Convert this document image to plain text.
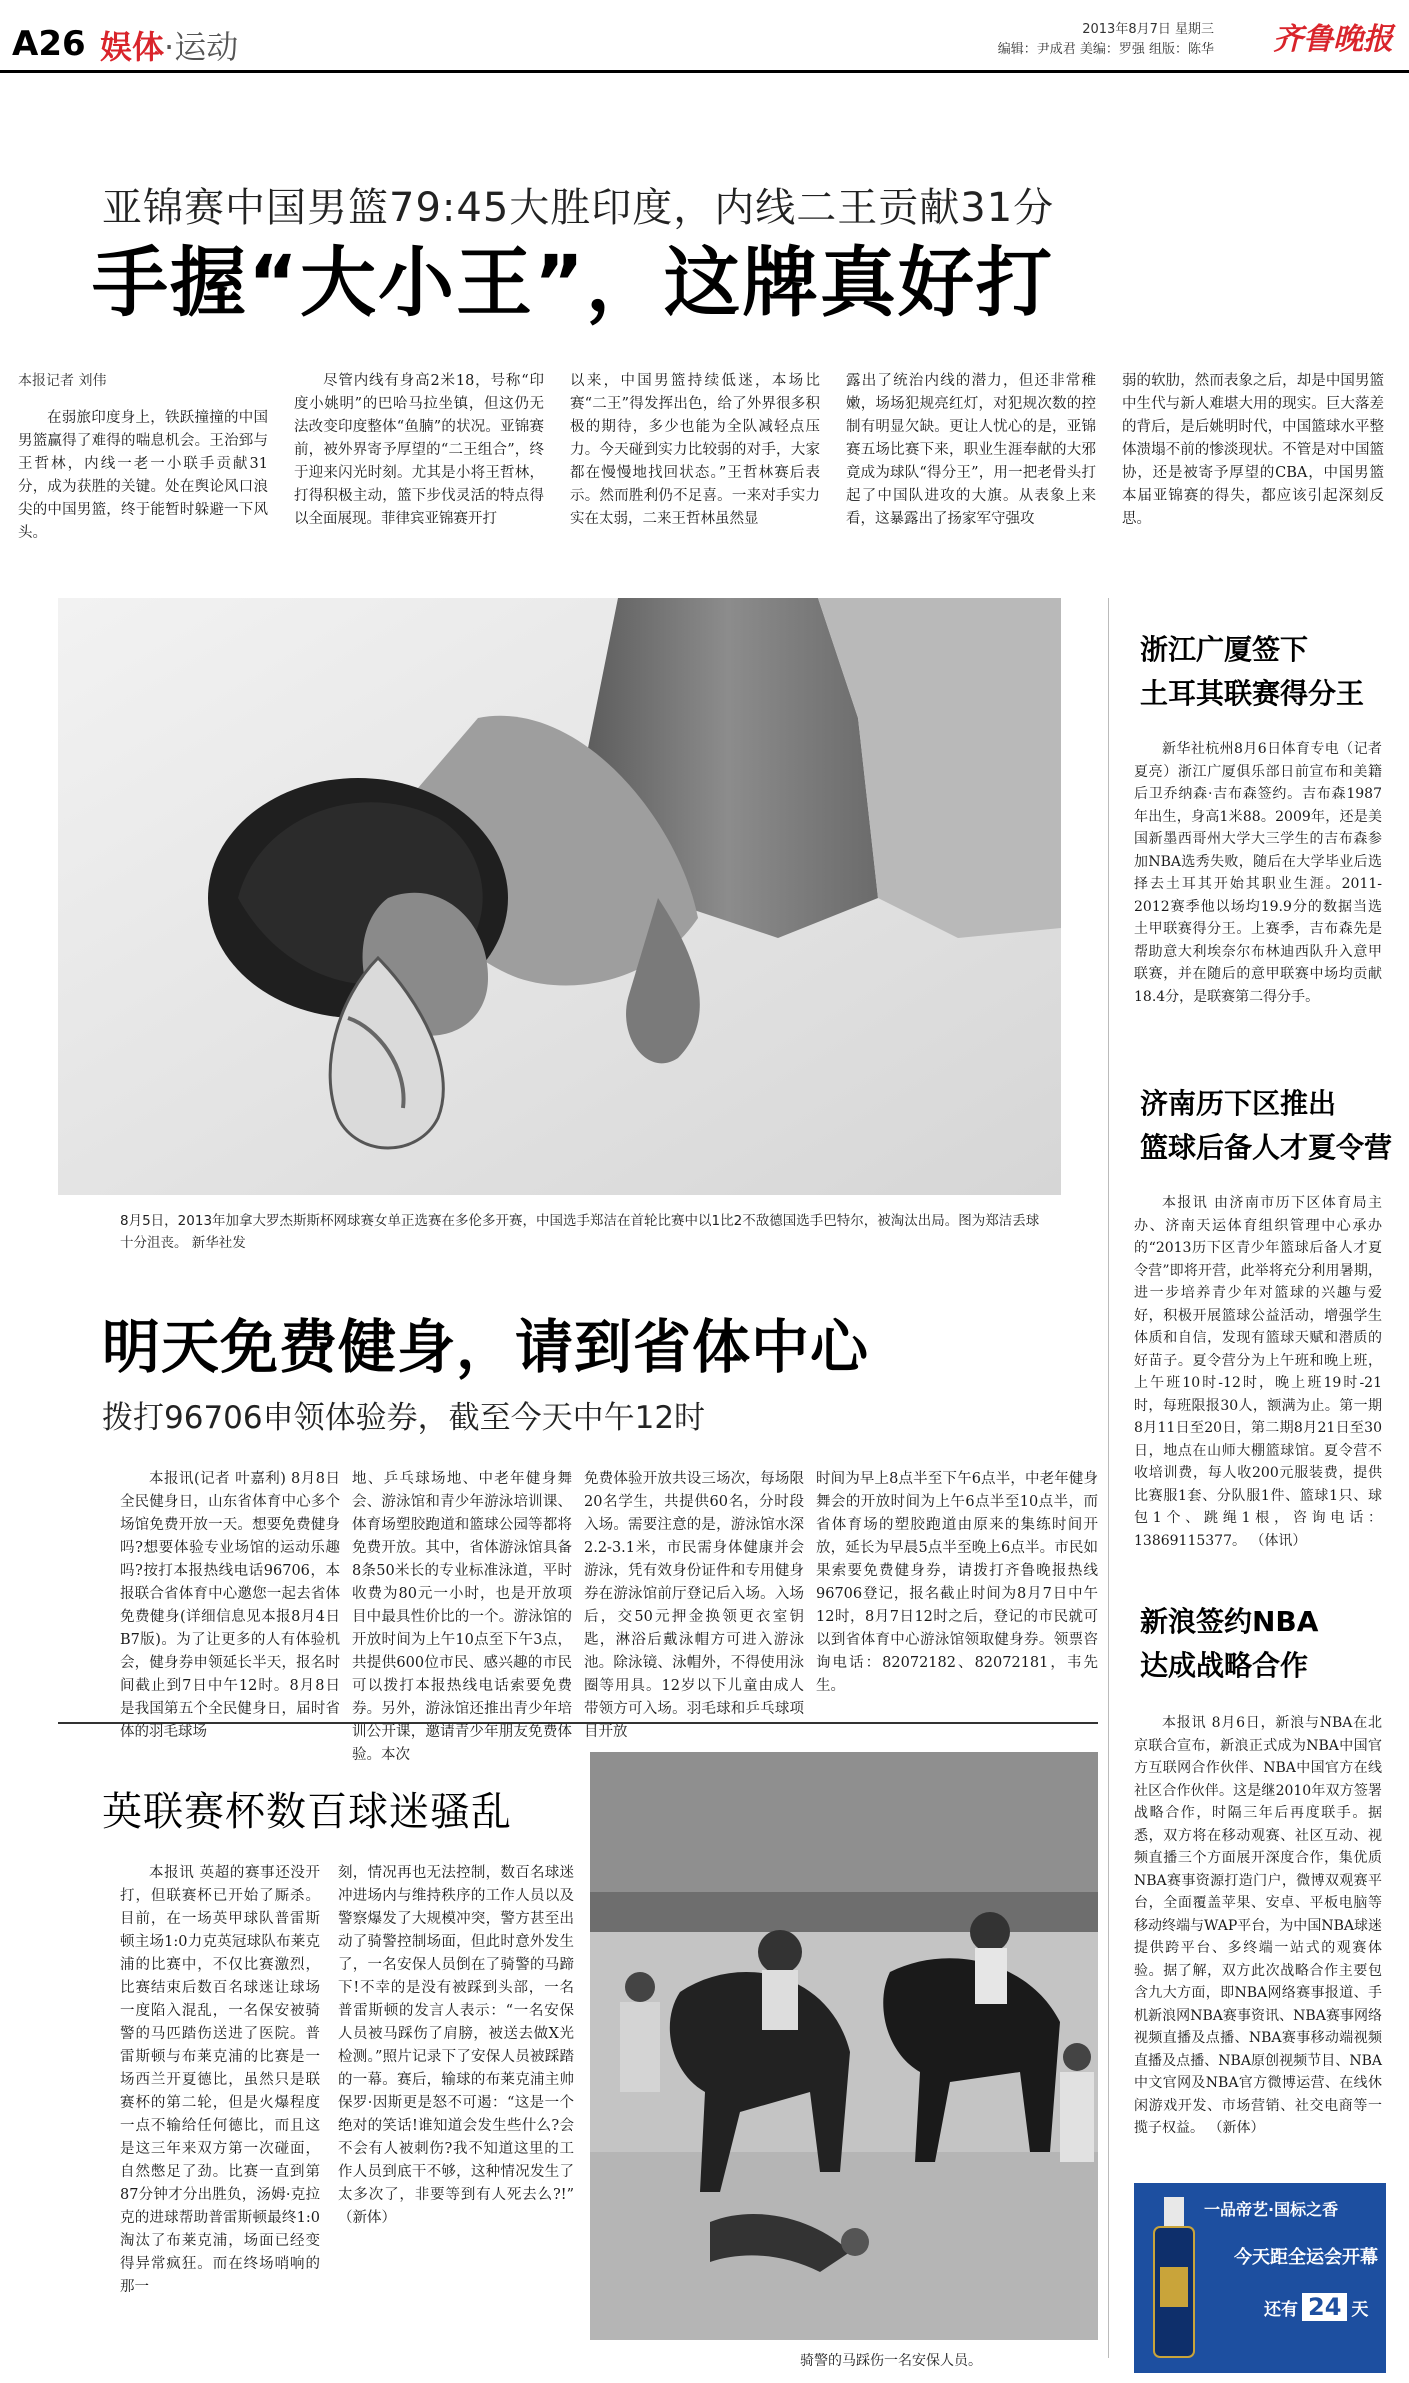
A26 娱体·运动	2013年8月7日 星期三
编辑：尹成君 美编：罗强 组版：陈华 齐鲁晚报
亚锦赛中国男篮79:45大胜印度，内线二王贡献31分
手握“大小王”，这牌真好打
本报记者 刘伟
在弱旅印度身上，铁跃撞撞的中国男篮赢得了难得的喘息机会。王治郅与王哲林，内线一老一小联手贡献31分，成为获胜的关键。处在舆论风口浪尖的中国男篮，终于能暂时躲避一下风头。
尽管内线有身高2米18，号称“印度小姚明”的巴哈马拉坐镇，但这仍无法改变印度整体“鱼腩”的状况。亚锦赛前，被外界寄予厚望的“二王组合”，终于迎来闪光时刻。尤其是小将王哲林，打得积极主动，篮下步伐灵活的特点得以全面展现。菲律宾亚锦赛开打
以来，中国男篮持续低迷，本场比赛“二王”得发挥出色，给了外界很多积极的期待，多少也能为全队减轻点压力。今天碰到实力比较弱的对手，大家都在慢慢地找回状态。”王哲林赛后表示。然而胜利仍不足喜。一来对手实力实在太弱，二来王哲林虽然显
露出了统治内线的潜力，但还非常稚嫩，场场犯规亮红灯，对犯规次数的控制有明显欠缺。更让人忧心的是，亚锦赛五场比赛下来，职业生涯奉献的大邪竟成为球队“得分王”，用一把老骨头打起了中国队进攻的大旗。从表象上来看，这暴露出了扬家军守强攻
弱的软肋，然而表象之后，却是中国男篮中生代与新人难堪大用的现实。巨大落差的背后，是后姚明时代，中国篮球水平整体溃塌不前的惨淡现状。不管是对中国篮协，还是被寄予厚望的CBA，中国男篮本届亚锦赛的得失，都应该引起深刻反思。
8月5日，2013年加拿大罗杰斯斯杯网球赛女单正选赛在多伦多开赛，中国选手郑洁在首轮比赛中以1比2不敌德国选手巴特尔，被淘汰出局。图为郑洁丢球十分沮丧。 新华社发
浙江广厦签下
土耳其联赛得分王
新华社杭州8月6日体育专电（记者 夏亮）浙江广厦俱乐部日前宣布和美籍后卫乔纳森·吉布森签约。吉布森1987年出生，身高1米88。2009年，还是美国新墨西哥州大学大三学生的吉布森参加NBA选秀失败，随后在大学毕业后选择去土耳其开始其职业生涯。2011-2012赛季他以场均19.9分的数据当选土甲联赛得分王。上赛季，吉布森先是帮助意大利埃奈尔布林迪西队升入意甲联赛，并在随后的意甲联赛中场均贡献18.4分，是联赛第二得分手。
济南历下区推出
篮球后备人才夏令营
本报讯 由济南市历下区体育局主办、济南天运体育组织管理中心承办的“2013历下区青少年篮球后备人才夏令营”即将开营，此举将充分利用暑期，进一步培养青少年对篮球的兴趣与爱好，积极开展篮球公益活动，增强学生体质和自信，发现有篮球天赋和潜质的好苗子。夏令营分为上午班和晚上班，上午班10时-12时，晚上班19时-21时，每班限报30人，额满为止。第一期8月11日至20日，第二期8月21日至30日，地点在山师大棚篮球馆。夏令营不收培训费，每人收200元服装费，提供比赛服1套、分队服1件、篮球1只、球包1个、跳绳1根，咨询电话：13869115377。 （体讯）
新浪签约NBA
达成战略合作
本报讯 8月6日，新浪与NBA在北京联合宣布，新浪正式成为NBA中国官方互联网合作伙伴、NBA中国官方在线社区合作伙伴。这是继2010年双方签署战略合作，时隔三年后再度联手。据悉，双方将在移动观赛、社区互动、视频直播三个方面展开深度合作，集优质NBA赛事资源打造门户，微博双观赛平台，全面覆盖苹果、安卓、平板电脑等移动终端与WAP平台，为中国NBA球迷提供跨平台、多终端一站式的观赛体验。据了解，双方此次战略合作主要包含九大方面，即NBA网络赛事报道、手机新浪网NBA赛事资讯、NBA赛事网络视频直播及点播、NBA赛事移动端视频直播及点播、NBA原创视频节目、NBA中文官网及NBA官方微博运营、在线休闲游戏开发、市场营销、社交电商等一揽子权益。 （新体）
明天免费健身，请到省体中心
拨打96706申领体验券，截至今天中午12时
本报讯(记者 叶嘉利) 8月8日全民健身日，山东省体育中心多个场馆免费开放一天。想要免费健身吗?想要体验专业场馆的运动乐趣吗?按打本报热线电话96706，本报联合省体育中心邀您一起去省体免费健身(详细信息见本报8月4日B7版)。为了让更多的人有体验机会，健身券申领延长半天，报名时间截止到7日中午12时。8月8日是我国第五个全民健身日，届时省体的羽毛球场
地、乒乓球场地、中老年健身舞会、游泳馆和青少年游泳培训课、体育场塑胶跑道和篮球公园等都将免费开放。其中，省体游泳馆具备8条50米长的专业标准泳道，平时收费为80元一小时，也是开放项目中最具性价比的一个。游泳馆的开放时间为上午10点至下午3点，共提供600位市民、感兴趣的市民可以拨打本报热线电话索要免费券。另外，游泳馆还推出青少年培训公开课，邀请青少年朋友免费体验。本次
免费体验开放共设三场次，每场限20名学生，共提供60名，分时段入场。需要注意的是，游泳馆水深2.2-3.1米，市民需身体健康并会游泳，凭有效身份证件和专用健身券在游泳馆前厅登记后入场。入场后，交50元押金换领更衣室钥匙，淋浴后戴泳帽方可进入游泳池。除泳镜、泳帽外，不得使用泳圈等用具。12岁以下儿童由成人带领方可入场。羽毛球和乒乓球项目开放
时间为早上8点半至下午6点半，中老年健身舞会的开放时间为上午6点半至10点半，而省体育场的塑胶跑道由原来的集练时间开放，延长为早晨5点半至晚上6点半。市民如果索要免费健身券，请拨打齐鲁晚报热线96706登记，报名截止时间为8月7日中午12时，8月7日12时之后，登记的市民就可以到省体育中心游泳馆领取健身券。领票咨询电话：82072182、82072181，韦先生。
英联赛杯数百球迷骚乱
本报讯 英超的赛事还没开打，但联赛杯已开始了厮杀。目前，在一场英甲球队普雷斯顿主场1:0力克英冠球队布莱克浦的比赛中，不仅比赛激烈，比赛结束后数百名球迷让球场一度陷入混乱，一名保安被骑警的马匹踏伤送进了医院。普雷斯顿与布莱克浦的比赛是一场西兰开夏德比，虽然只是联赛杯的第二轮，但是火爆程度一点不输给任何德比，而且这是这三年来双方第一次碰面，自然憋足了劲。比赛一直到第87分钟才分出胜负，汤姆·克拉克的进球帮助普雷斯顿最终1:0淘汰了布莱克浦，场面已经变得异常疯狂。而在终场哨响的那一
刻，情况再也无法控制，数百名球迷冲进场内与维持秩序的工作人员以及警察爆发了大规模冲突，警方甚至出动了骑警控制场面，但此时意外发生了，一名安保人员倒在了骑警的马蹄下!不幸的是没有被踩到头部，一名普雷斯顿的发言人表示：“一名安保人员被马踩伤了肩膀，被送去做X光检测。”照片记录下了安保人员被踩踏的一幕。赛后，输球的布莱克浦主帅保罗·因斯更是怒不可遏：“这是一个绝对的笑话!谁知道会发生些什么?会不会有人被刺伤?我不知道这里的工作人员到底干不够，这种情况发生了太多次了，非要等到有人死去么?!” （新体）
骑警的马踩伤一名安保人员。
一品帝艺·国标之香
今天距全运会开幕
还有 24 天
